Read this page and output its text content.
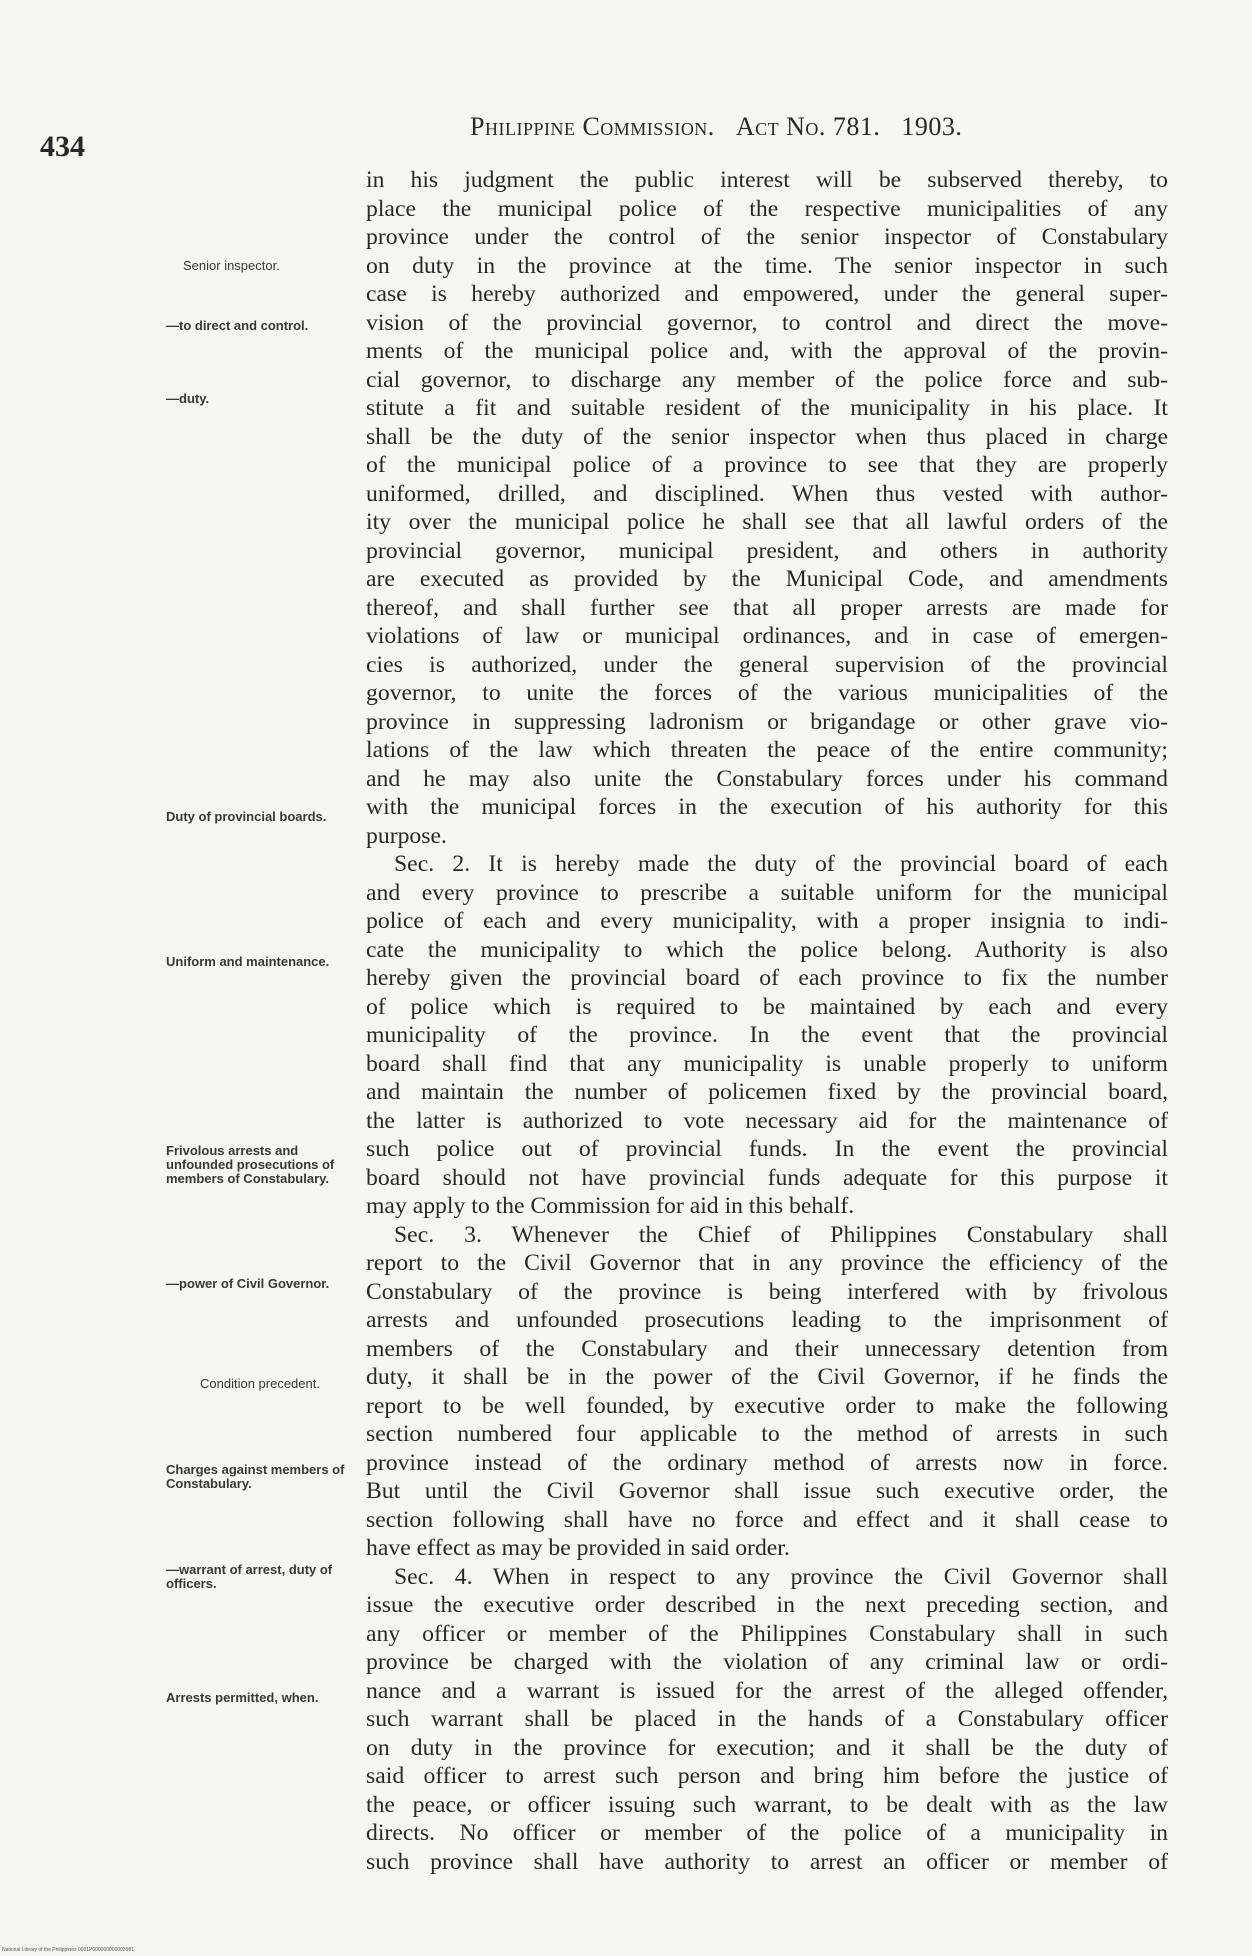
434
Philippine Commission. Act No. 781. 1903.
Senior inspector.
—to direct and control.
—duty.
Duty of provincial boards.
Uniform and maintenance.
Frivolous arrests and unfounded prosecutions of members of Constabulary.
—power of Civil Governor.
Condition precedent.
Charges against members of Constabulary.
—warrant of arrest, duty of officers.
Arrests permitted, when.
in his judgment the public interest will be subserved thereby, to
place the municipal police of the respective municipalities of any
province under the control of the senior inspector of Constabulary
on duty in the province at the time. The senior inspector in such
case is hereby authorized and empowered, under the general super-
vision of the provincial governor, to control and direct the move-
ments of the municipal police and, with the approval of the provin-
cial governor, to discharge any member of the police force and sub-
stitute a fit and suitable resident of the municipality in his place. It
shall be the duty of the senior inspector when thus placed in charge
of the municipal police of a province to see that they are properly
uniformed, drilled, and disciplined. When thus vested with author-
ity over the municipal police he shall see that all lawful orders of the
provincial governor, municipal president, and others in authority
are executed as provided by the Municipal Code, and amendments
thereof, and shall further see that all proper arrests are made for
violations of law or municipal ordinances, and in case of emergen-
cies is authorized, under the general supervision of the provincial
governor, to unite the forces of the various municipalities of the
province in suppressing ladronism or brigandage or other grave vio-
lations of the law which threaten the peace of the entire community;
and he may also unite the Constabulary forces under his command
with the municipal forces in the execution of his authority for this
purpose.
Sec. 2. It is hereby made the duty of the provincial board of each
and every province to prescribe a suitable uniform for the municipal
police of each and every municipality, with a proper insignia to indi-
cate the municipality to which the police belong. Authority is also
hereby given the provincial board of each province to fix the number
of police which is required to be maintained by each and every
municipality of the province. In the event that the provincial
board shall find that any municipality is unable properly to uniform
and maintain the number of policemen fixed by the provincial board,
the latter is authorized to vote necessary aid for the maintenance of
such police out of provincial funds. In the event the provincial
board should not have provincial funds adequate for this purpose it
may apply to the Commission for aid in this behalf.
Sec. 3. Whenever the Chief of Philippines Constabulary shall
report to the Civil Governor that in any province the efficiency of the
Constabulary of the province is being interfered with by frivolous
arrests and unfounded prosecutions leading to the imprisonment of
members of the Constabulary and their unnecessary detention from
duty, it shall be in the power of the Civil Governor, if he finds the
report to be well founded, by executive order to make the following
section numbered four applicable to the method of arrests in such
province instead of the ordinary method of arrests now in force.
But until the Civil Governor shall issue such executive order, the
section following shall have no force and effect and it shall cease to
have effect as may be provided in said order.
Sec. 4. When in respect to any province the Civil Governor shall
issue the executive order described in the next preceding section, and
any officer or member of the Philippines Constabulary shall in such
province be charged with the violation of any criminal law or ordi-
nance and a warrant is issued for the arrest of the alleged offender,
such warrant shall be placed in the hands of a Constabulary officer
on duty in the province for execution; and it shall be the duty of
said officer to arrest such person and bring him before the justice of
the peace, or officer issuing such warrant, to be dealt with as the law
directs. No officer or member of the police of a municipality in
such province shall have authority to arrest an officer or member of
National Library of the Philippines 0001P000000000003981
